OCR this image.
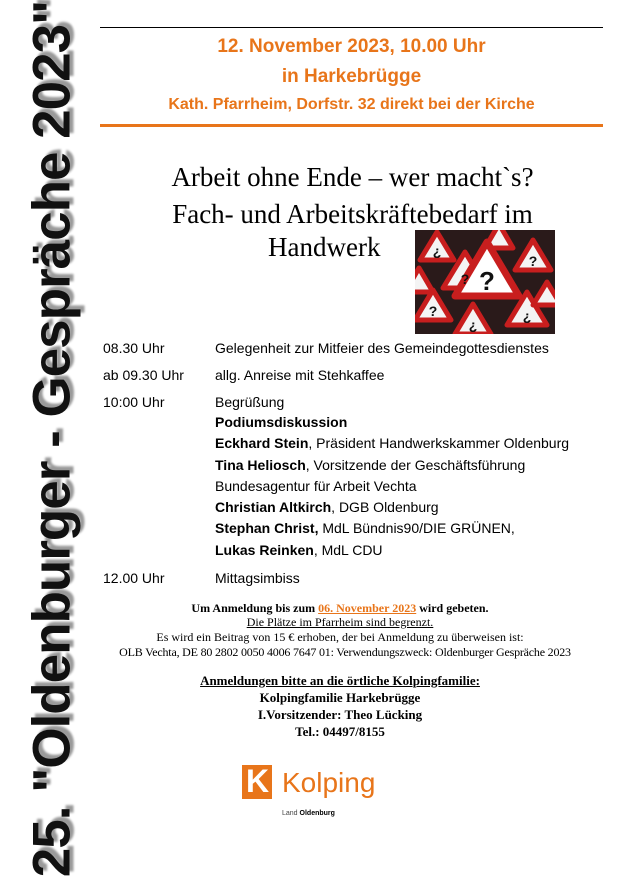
25. "Oldenburger - Gespräche 2023"	12. November 2023, 10.00 Uhr
in Harkebrügge
Kath. Pfarrheim, Dorfstr. 32 direkt bei der Kirche
Arbeit ohne Ende – wer macht`s?
Fach- und Arbeitskräftebedarf im
Handwerk
?
¿
?
?
¿
?
¿
08.30 Uhr	Gelegenheit zur Mitfeier des Gemeindegottesdienstes
ab 09.30 Uhr allg. Anreise mit Stehkaffee
10:00 Uhr	Begrüßung
Podiumsdiskussion
Eckhard Stein, Präsident Handwerkskammer Oldenburg
Tina Heliosch, Vorsitzende der Geschäftsführung
Bundesagentur für Arbeit Vechta
Christian Altkirch, DGB Oldenburg
Stephan Christ, MdL Bündnis90/DIE GRÜNEN,
Lukas Reinken, MdL CDU
12.00 Uhr	Mittagsimbiss
Um Anmeldung bis zum 06. November 2023 wird gebeten.
Die Plätze im Pfarrheim sind begrenzt.
Es wird ein Beitrag von 15 € erhoben, der bei Anmeldung zu überweisen ist:
OLB Vechta, DE 80 2802 0050 4006 7647 01: Verwendungszweck: Oldenburger Gespräche 2023
Anmeldungen bitte an die örtliche Kolpingfamilie:
Kolpingfamilie Harkebrügge
I.Vorsitzender: Theo Lücking
Tel.: 04497/8155
K Kolping
Land Oldenburg
